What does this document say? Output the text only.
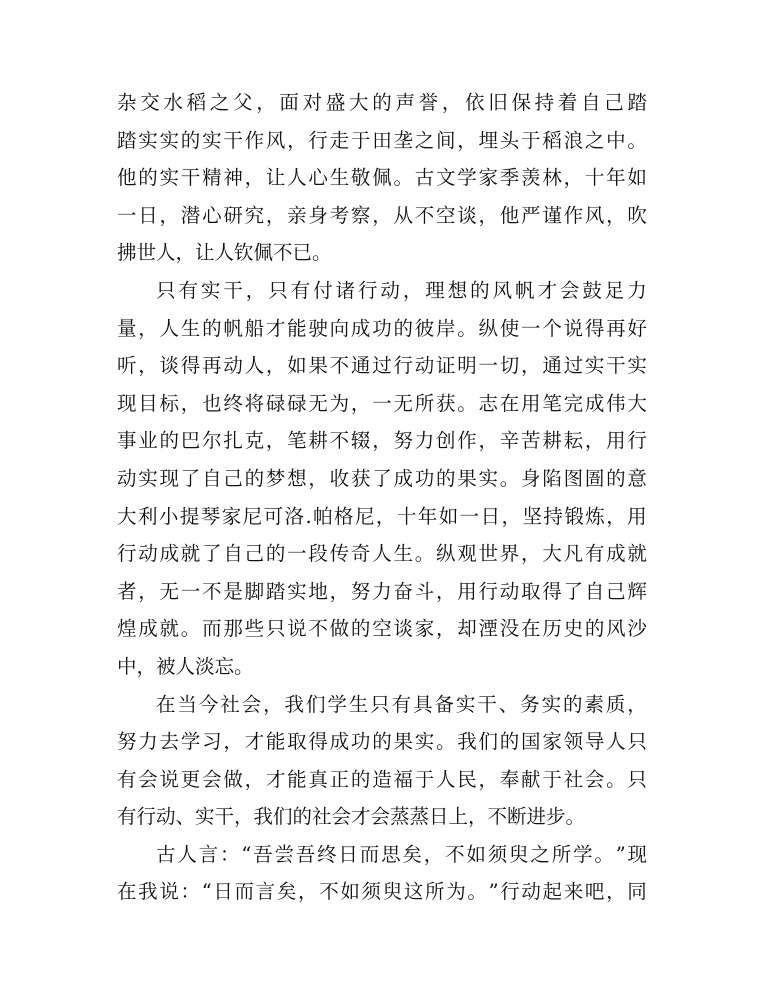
杂 交 水 稻 之 父 ， 面 对 盛 大 的 声 誉 ， 依 旧 保 持 着 自 己 踏
踏 实 实 的 实 干 作 风 ， 行 走 于 田 垄 之 间 ， 埋 头 于 稻 浪 之 中 。
他 的 实 干 精 神 ， 让 人 心 生 敬 佩 。 古 文 学 家 季 羡 林 ， 十 年 如
一 日 ， 潜 心 研 究 ， 亲 身 考 察 ， 从 不 空 谈 ， 他 严 谨 作 风 ， 吹
拂世人，让人钦佩不已。
只 有 实 干 ， 只 有 付 诸 行 动 ， 理 想 的 风 帆 才 会 鼓 足 力
量 ， 人 生 的 帆 船 才 能 驶 向 成 功 的 彼 岸 。 纵 使 一 个 说 得 再 好
听 ， 谈 得 再 动 人 ， 如 果 不 通 过 行 动 证 明 一 切 ， 通 过 实 干 实
现 目 标 ， 也 终 将 碌 碌 无 为 ， 一 无 所 获 。 志 在 用 笔 完 成 伟 大
事 业 的 巴 尔 扎 克 ， 笔 耕 不 辍 ， 努 力 创 作 ， 辛 苦 耕 耘 ， 用 行
动 实 现 了 自 己 的 梦 想 ， 收 获 了 成 功 的 果 实 。 身 陷 图 圄 的 意
大 利 小 提 琴 家 尼 可 洛 . 帕 格 尼 ， 十 年 如 一 日 ， 坚 持 锻 炼 ， 用
行 动 成 就 了 自 己 的 一 段 传 奇 人 生 。 纵 观 世 界 ， 大 凡 有 成 就
者 ， 无 一 不 是 脚 踏 实 地 ， 努 力 奋 斗 ， 用 行 动 取 得 了 自 己 辉
煌 成 就 。 而 那 些 只 说 不 做 的 空 谈 家 ， 却 湮 没 在 历 史 的 风 沙
中，被人淡忘。
在 当 今 社 会 ， 我 们 学 生 只 有 具 备 实 干 、 务 实 的 素 质 ，
努 力 去 学 习 ， 才 能 取 得 成 功 的 果 实 。 我 们 的 国 家 领 导 人 只
有 会 说 更 会 做 ， 才 能 真 正 的 造 福 于 人 民 ， 奉 献 于 社 会 。 只
有行动、实干，我们的社会才会蒸蒸日上，不断进步。
古 人 言 ： “ 吾 尝 吾 终 日 而 思 矣 ， 不 如 须 臾 之 所 学 。 ” 现
在 我 说 ： “ 日 而 言 矣 ， 不 如 须 臾 这 所 为 。 ” 行 动 起 来 吧 ， 同
